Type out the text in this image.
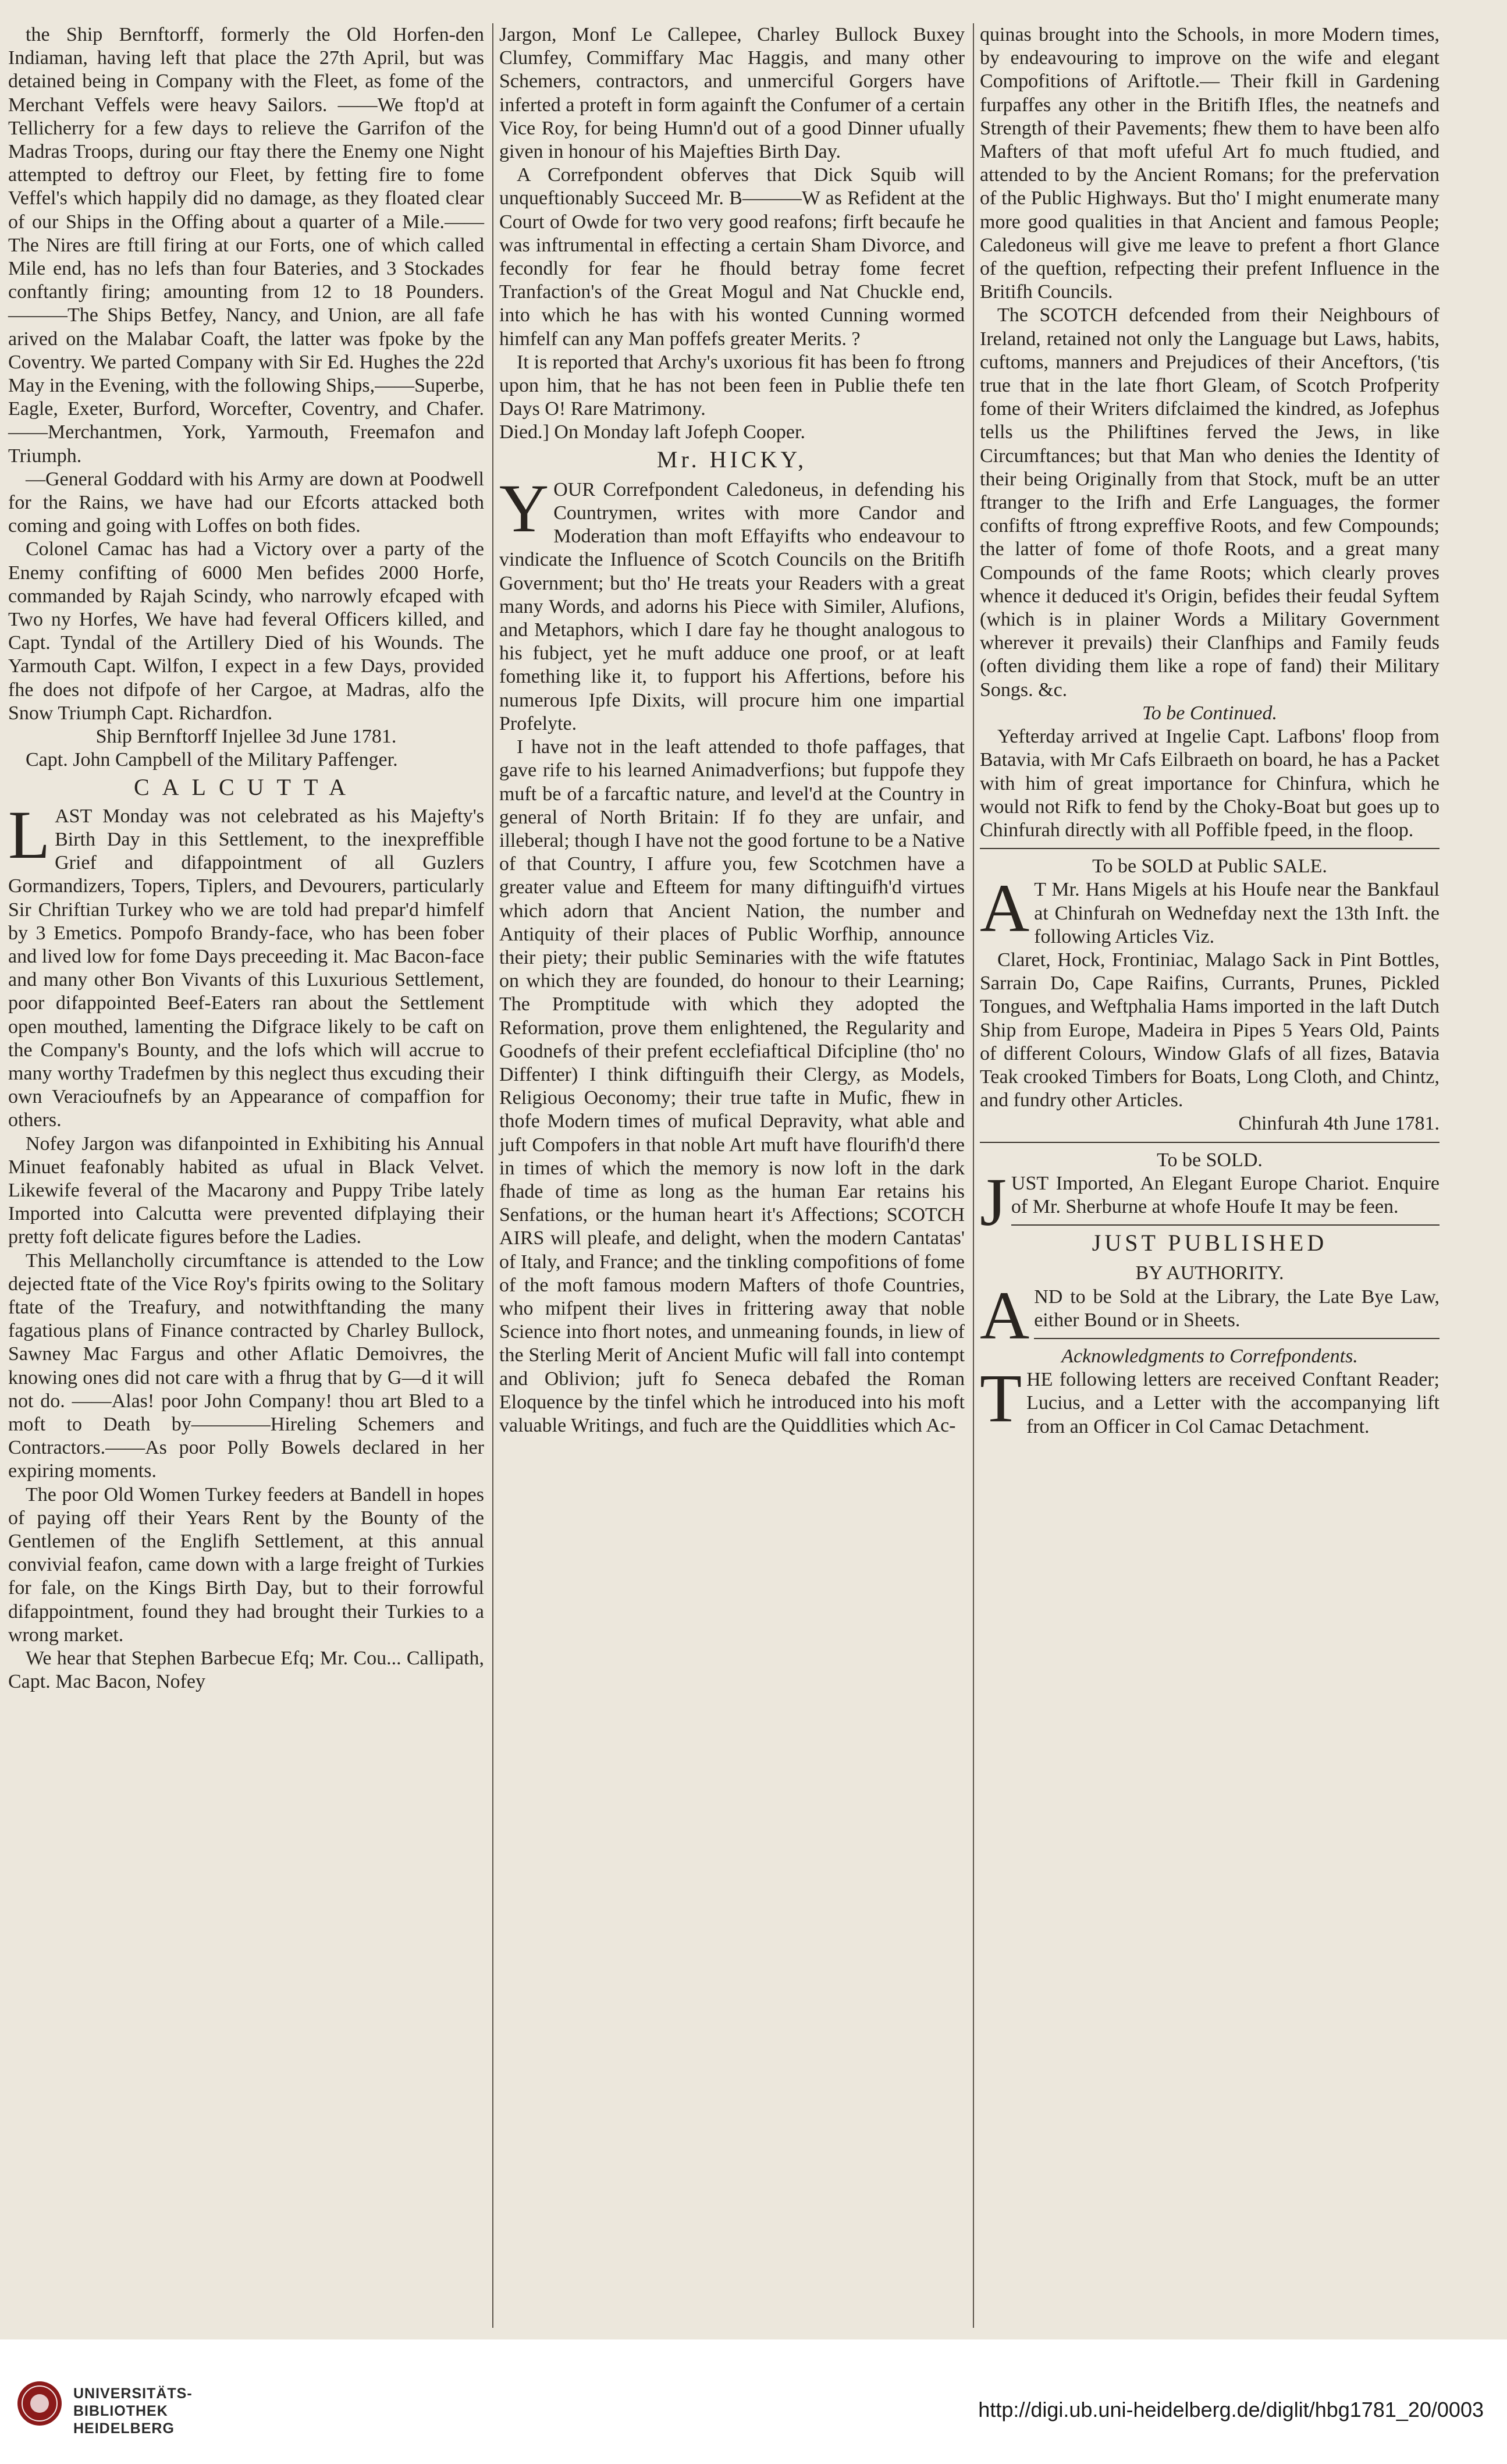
the Ship Bernftorff, formerly the Old Horfen-den Indiaman, having left that place the 27th April, but was detained being in Company with the Fleet, as fome of the Merchant Veffels were heavy Sailors. ——We ftop'd at Tellicherry for a few days to relieve the Garrifon of the Madras Troops, during our ftay there the Enemy one Night attempted to deftroy our Fleet, by fetting fire to fome Veffel's which happily did no damage, as they floated clear of our Ships in the Offing about a quarter of a Mile.—— The Nires are ftill firing at our Forts, one of which called Mile end, has no lefs than four Bateries, and 3 Stockades conftantly firing; amounting from 12 to 18 Pounders.———The Ships Betfey, Nancy, and Union, are all fafe arived on the Malabar Coaft, the latter was fpoke by the Coventry. We parted Company with Sir Ed. Hughes the 22d May in the Evening, with the following Ships,——Superbe, Eagle, Exeter, Burford, Worcefter, Coventry, and Chafer.——Merchantmen, York, Yarmouth, Freemafon and Triumph.

—General Goddard with his Army are down at Poodwell for the Rains, we have had our Efcorts attacked both coming and going with Loffes on both fides.

Colonel Camac has had a Victory over a party of the Enemy confifting of 6000 Men befides 2000 Horfe, commanded by Rajah Scindy, who narrowly efcaped with Two ny Horfes, We have had feveral Officers killed, and Capt. Tyndal of the Artillery Died of his Wounds. The Yarmouth Capt. Wilfon, I expect in a few Days, provided fhe does not difpofe of her Cargoe, at Madras, alfo the Snow Triumph Capt. Richardfon.

Ship Bernftorff Injellee 3d June 1781.

Capt. John Campbell of the Military Paffenger.

CALCUTTA

LAST Monday was not celebrated as his Majefty's Birth Day in this Settlement, to the inexpreffible Grief and difappointment of all Guzlers Gormandizers, Topers, Tiplers, and Devourers, particularly Sir Chriftian Turkey who we are told had prepar'd himfelf by 3 Emetics. Pompofo Brandy-face, who has been fober and lived low for fome Days preceeding it. Mac Bacon-face and many other Bon Vivants of this Luxurious Settlement, poor difappointed Beef-Eaters ran about the Settlement open mouthed, lamenting the Difgrace likely to be caft on the Company's Bounty, and the lofs which will accrue to many worthy Tradefmen by this neglect thus excuding their own Veracioufnefs by an Appearance of compaffion for others.

Nofey Jargon was difanpointed in Exhibiting his Annual Minuet feafonably habited as ufual in Black Velvet. Likewife feveral of the Macarony and Puppy Tribe lately Imported into Calcutta were prevented difplaying their pretty foft delicate figures before the Ladies.

This Mellancholly circumftance is attended to the Low dejected ftate of the Vice Roy's fpirits owing to the Solitary ftate of the Treafury, and notwithftanding the many fagatious plans of Finance contracted by Charley Bullock, Sawney Mac Fargus and other Aflatic Demoivres, the knowing ones did not care with a fhrug that by G—d it will not do. ——Alas! poor John Company! thou art Bled to a moft to Death by————Hireling Schemers and Contractors.——As poor Polly Bowels declared in her expiring moments.

The poor Old Women Turkey feeders at Bandell in hopes of paying off their Years Rent by the Bounty of the Gentlemen of the Englifh Settlement, at this annual convivial feafon, came down with a large freight of Turkies for fale, on the Kings Birth Day, but to their forrowful difappointment, found they had brought their Turkies to a wrong market.

We hear that Stephen Barbecue Efq; Mr. Cou... Callipath, Capt. Mac Bacon, Nofey

Jargon, Monf Le Callepee, Charley Bullock Buxey Clumfey, Commiffary Mac Haggis, and many other Schemers, contractors, and unmerciful Gorgers have inferted a proteft in form againft the Confumer of a certain Vice Roy, for being Humn'd out of a good Dinner ufually given in honour of his Majefties Birth Day.

A Correfpondent obferves that Dick Squib will unqueftionably Succeed Mr. B———W as Refident at the Court of Owde for two very good reafons; firft becaufe he was inftrumental in effecting a certain Sham Divorce, and fecondly for fear he fhould betray fome fecret Tranfaction's of the Great Mogul and Nat Chuckle end, into which he has with his wonted Cunning wormed himfelf can any Man poffefs greater Merits. ?

It is reported that Archy's uxorious fit has been fo ftrong upon him, that he has not been feen in Publie thefe ten Days O! Rare Matrimony.

Died.] On Monday laft Jofeph Cooper.

Mr. HICKY,

YOUR Correfpondent Caledoneus, in defending his Countrymen, writes with more Candor and Moderation than moft Effayifts who endeavour to vindicate the Influence of Scotch Councils on the Britifh Government; but tho' He treats your Readers with a great many Words, and adorns his Piece with Similer, Alufions, and Metaphors, which I dare fay he thought analogous to his fubject, yet he muft adduce one proof, or at leaft fomething like it, to fupport his Affertions, before his numerous Ipfe Dixits, will procure him one impartial Profelyte.

I have not in the leaft attended to thofe paffages, that gave rife to his learned Animadverfions; but fuppofe they muft be of a farcaftic nature, and level'd at the Country in general of North Britain: If fo they are unfair, and illeberal; though I have not the good fortune to be a Native of that Country, I affure you, few Scotchmen have a greater value and Efteem for many diftinguifh'd virtues which adorn that Ancient Nation, the number and Antiquity of their places of Public Worfhip, announce their piety; their public Seminaries with the wife ftatutes on which they are founded, do honour to their Learning; The Promptitude with which they adopted the Reformation, prove them enlightened, the Regularity and Goodnefs of their prefent ecclefiaftical Difcipline (tho' no Diffenter) I think diftinguifh their Clergy, as Models, Religious Oeconomy; their true tafte in Mufic, fhew in thofe Modern times of mufical Depravity, what able and juft Compofers in that noble Art muft have flourifh'd there in times of which the memory is now loft in the dark fhade of time as long as the human Ear retains his Senfations, or the human heart it's Affections; SCOTCH AIRS will pleafe, and delight, when the modern Cantatas' of Italy, and France; and the tinkling compofitions of fome of the moft famous modern Mafters of thofe Countries, who mifpent their lives in frittering away that noble Science into fhort notes, and unmeaning founds, in liew of the Sterling Merit of Ancient Mufic will fall into contempt and Oblivion; juft fo Seneca debafed the Roman Eloquence by the tinfel which he introduced into his moft valuable Writings, and fuch are the Quiddlities which Ac-

quinas brought into the Schools, in more Modern times, by endeavouring to improve on the wife and elegant Compofitions of Ariftotle.— Their fkill in Gardening furpaffes any other in the Britifh Ifles, the neatnefs and Strength of their Pavements; fhew them to have been alfo Mafters of that moft ufeful Art fo much ftudied, and attended to by the Ancient Romans; for the prefervation of the Public Highways. But tho' I might enumerate many more good qualities in that Ancient and famous People; Caledoneus will give me leave to prefent a fhort Glance of the queftion, refpecting their prefent Influence in the Britifh Councils.

The SCOTCH defcended from their Neighbours of Ireland, retained not only the Language but Laws, habits, cuftoms, manners and Prejudices of their Anceftors, ('tis true that in the late fhort Gleam, of Scotch Profperity fome of their Writers difclaimed the kindred, as Jofephus tells us the Philiftines ferved the Jews, in like Circumftances; but that Man who denies the Identity of their being Originally from that Stock, muft be an utter ftranger to the Irifh and Erfe Languages, the former confifts of ftrong expreffive Roots, and few Compounds; the latter of fome of thofe Roots, and a great many Compounds of the fame Roots; which clearly proves whence it deduced it's Origin, befides their feudal Syftem (which is in plainer Words a Military Government wherever it prevails) their Clanfhips and Family feuds (often dividing them like a rope of fand) their Military Songs. &c.

To be Continued.

Yefterday arrived at Ingelie Capt. Lafbons' floop from Batavia, with Mr Cafs Eilbraeth on board, he has a Packet with him of great importance for Chinfura, which he would not Rifk to fend by the Choky-Boat but goes up to Chinfurah directly with all Poffible fpeed, in the floop.

To be SOLD at Public SALE.

A T Mr. Hans Migels at his Houfe near the Bankfaul at Chinfurah on Wednefday next the 13th Inft. the following Articles Viz.

Claret, Hock, Frontiniac, Malago Sack in Pint Bottles, Sarrain Do, Cape Raifins, Currants, Prunes, Pickled Tongues, and Weftphalia Hams imported in the laft Dutch Ship from Europe, Madeira in Pipes 5 Years Old, Paints of different Colours, Window Glafs of all fizes, Batavia Teak crooked Timbers for Boats, Long Cloth, and Chintz, and fundry other Articles.

Chinfurah 4th June 1781.

To be SOLD.

JUST Imported, An Elegant Europe Chariot. Enquire of Mr. Sherburne at whofe Houfe It may be feen.

JUST PUBLISHED

BY AUTHORITY.

AND to be Sold at the Library, the Late Bye Law, either Bound or in Sheets.

Acknowledgments to Correfpondents.

THE following letters are received Conftant Reader; Lucius, and a Letter with the accompanying lift from an Officer in Col Camac Detachment.

UNIVERSITÄTS-
BIBLIOTHEK
HEIDELBERG
http://digi.ub.uni-heidelberg.de/diglit/hbg1781_20/0003
